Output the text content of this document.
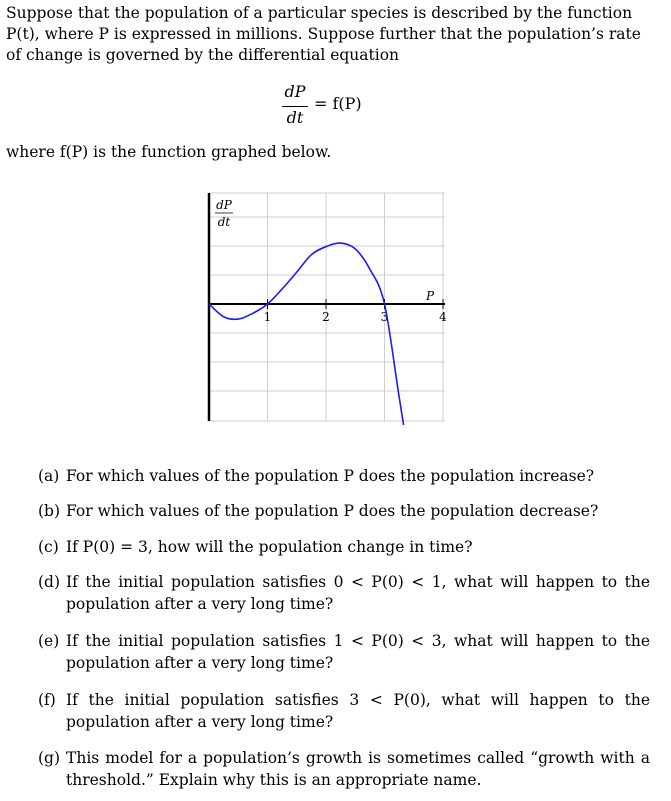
Suppose that the population of a particular species is described by the function P(t), where P is expressed in millions. Suppose further that the population’s rate of change is governed by the differential equation
dP
dt
= f(P)
where f(P) is the function graphed below.
1	2	3	4
dP
dt
P
(a) For which values of the population P does the population increase?
(b) For which values of the population P does the population decrease?
(c) If P(0) = 3, how will the population change in time?
(d) If the initial population satisfies 0 < P(0) < 1, what will happen to the population after a very long time?
(e) If the initial population satisfies 1 < P(0) < 3, what will happen to the population after a very long time?
(f) If the initial population satisfies 3 < P(0), what will happen to the population after a very long time?
(g) This model for a population’s growth is sometimes called “growth with a threshold.” Explain why this is an appropriate name.
